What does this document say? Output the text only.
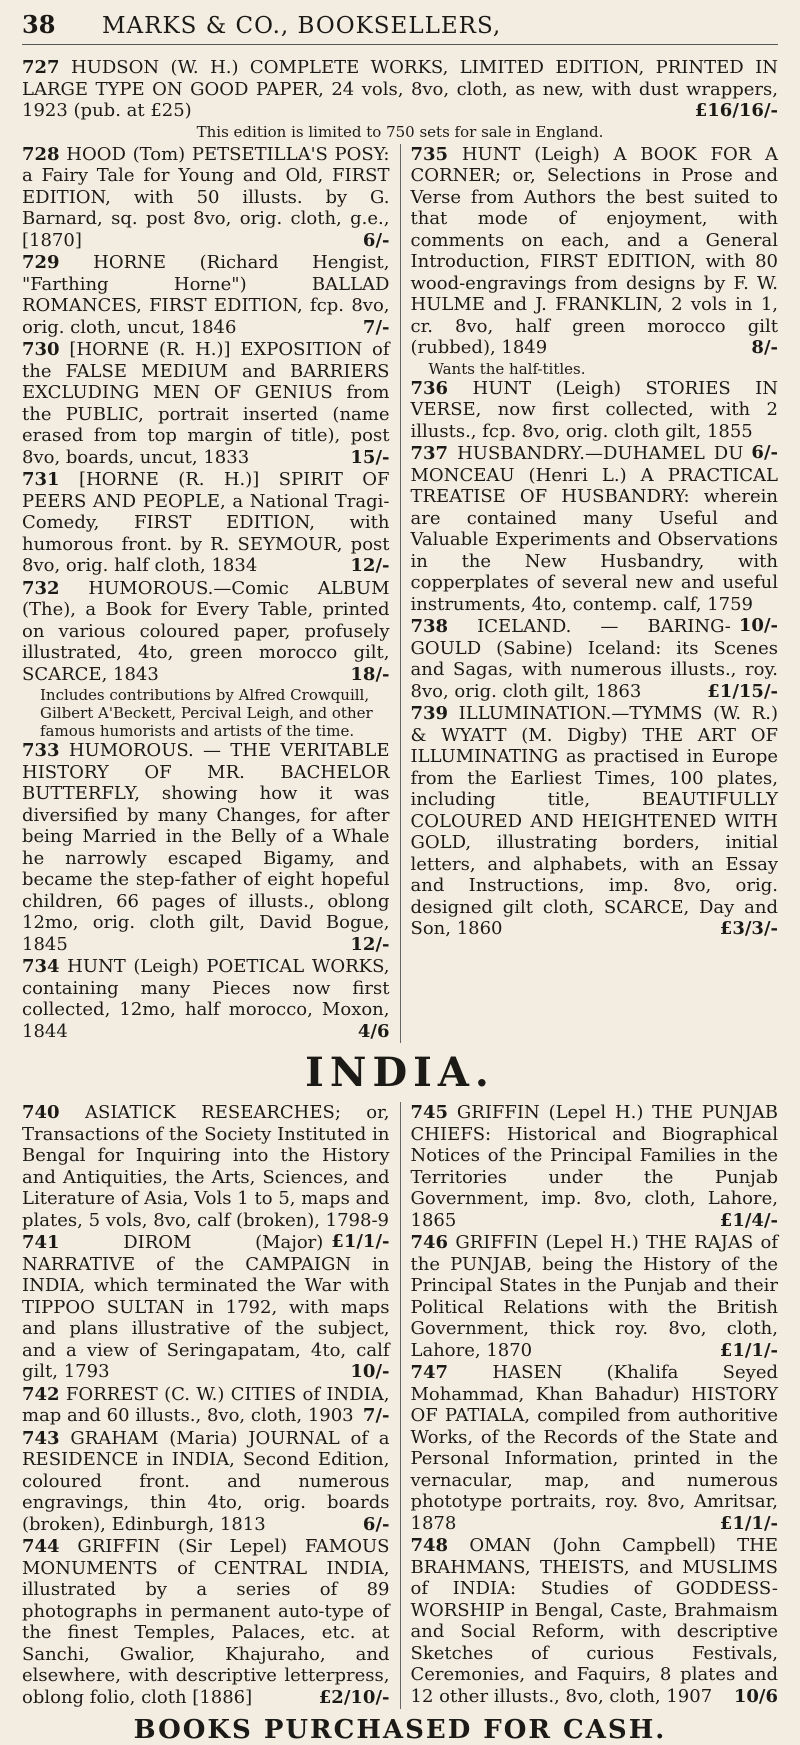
38	MARKS & CO., BOOKSELLERS,
727 HUDSON (W. H.) COMPLETE WORKS, LIMITED EDITION, PRINTED IN LARGE TYPE ON GOOD PAPER, 24 vols, 8vo, cloth, as new, with dust wrappers, 1923 (pub. at £25)	£16/16/-
This edition is limited to 750 sets for sale in England.
728 HOOD (Tom) PETSETILLA'S POSY: a Fairy Tale for Young and Old, FIRST EDITION, with 50 illusts. by G. Barnard, sq. post 8vo, orig. cloth, g.e., [1870]	6/-
729 HORNE (Richard Hengist, "Farthing Horne") BALLAD ROMANCES, FIRST EDITION, fcp. 8vo, orig. cloth, uncut, 1846	7/-
730 [HORNE (R. H.)] EXPOSITION of the FALSE MEDIUM and BARRIERS EXCLUDING MEN OF GENIUS from the PUBLIC, portrait inserted (name erased from top margin of title), post 8vo, boards, uncut, 1833	15/-
731 [HORNE (R. H.)] SPIRIT OF PEERS AND PEOPLE, a National Tragi-Comedy, FIRST EDITION, with humorous front. by R. SEYMOUR, post 8vo, orig. half cloth, 1834	12/-
732 HUMOROUS.—Comic ALBUM (The), a Book for Every Table, printed on various coloured paper, profusely illustrated, 4to, green morocco gilt, SCARCE, 1843	18/-
Includes contributions by Alfred Crowquill, Gilbert A'Beckett, Percival Leigh, and other famous humorists and artists of the time.
733 HUMOROUS. — THE VERITABLE HISTORY OF MR. BACHELOR BUTTERFLY, showing how it was diversified by many Changes, for after being Married in the Belly of a Whale he narrowly escaped Bigamy, and became the step-father of eight hopeful children, 66 pages of illusts., oblong 12mo, orig. cloth gilt, David Bogue, 1845	12/-
734 HUNT (Leigh) POETICAL WORKS, containing many Pieces now first collected, 12mo, half morocco, Moxon, 1844	4/6
735 HUNT (Leigh) A BOOK FOR A CORNER; or, Selections in Prose and Verse from Authors the best suited to that mode of enjoyment, with comments on each, and a General Introduction, FIRST EDITION, with 80 wood-engravings from designs by F. W. HULME and J. FRANKLIN, 2 vols in 1, cr. 8vo, half green morocco gilt (rubbed), 1849	8/-
Wants the half-titles.
736 HUNT (Leigh) STORIES IN VERSE, now first collected, with 2 illusts., fcp. 8vo, orig. cloth gilt, 1855
6/-
737 HUSBANDRY.—DUHAMEL DU MONCEAU (Henri L.) A PRACTICAL TREATISE OF HUSBANDRY: wherein are contained many Useful and Valuable Experiments and Observations in the New Husbandry, with copperplates of several new and useful instruments, 4to, contemp. calf, 1759
10/-
738 ICELAND. — BARING-GOULD (Sabine) Iceland: its Scenes and Sagas, with numerous illusts., roy. 8vo, orig. cloth gilt, 1863	£1/15/-
739 ILLUMINATION.—TYMMS (W. R.) & WYATT (M. Digby) THE ART OF ILLUMINATING as practised in Europe from the Earliest Times, 100 plates, including title, BEAUTIFULLY COLOURED AND HEIGHTENED WITH GOLD, illustrating borders, initial letters, and alphabets, with an Essay and Instructions, imp. 8vo, orig. designed gilt cloth, SCARCE, Day and Son, 1860	£3/3/-
INDIA.
740 ASIATICK RESEARCHES; or, Transactions of the Society Instituted in Bengal for Inquiring into the History and Antiquities, the Arts, Sciences, and Literature of Asia, Vols 1 to 5, maps and plates, 5 vols, 8vo, calf (broken), 1798-9
£1/1/-
741	DIROM (Major) NARRATIVE of the CAMPAIGN in INDIA, which terminated the War with TIPPOO SULTAN in 1792, with maps and plans illustrative of the subject, and a view of Seringapatam, 4to, calf gilt, 1793	10/-
742 FORREST (C. W.) CITIES of INDIA, map and 60 illusts., 8vo, cloth, 1903 7/-
743 GRAHAM (Maria) JOURNAL of a RESIDENCE in INDIA, Second Edition, coloured front. and numerous engravings, thin 4to, orig. boards (broken), Edinburgh, 1813	6/-
744 GRIFFIN (Sir Lepel) FAMOUS MONUMENTS of CENTRAL INDIA, illustrated by a series of 89 photographs in permanent auto-type of the finest Temples, Palaces, etc. at Sanchi, Gwalior, Khajuraho, and elsewhere, with descriptive letterpress, oblong folio, cloth [1886]	£2/10/-
745 GRIFFIN (Lepel H.) THE PUNJAB CHIEFS: Historical and Biographical Notices of the Principal Families in the Territories under the Punjab Government, imp. 8vo, cloth, Lahore, 1865	£1/4/-
746 GRIFFIN (Lepel H.) THE RAJAS of the PUNJAB, being the History of the Principal States in the Punjab and their Political Relations with the British Government, thick roy. 8vo, cloth, Lahore, 1870	£1/1/-
747 HASEN (Khalifa Seyed Mohammad, Khan Bahadur) HISTORY OF PATIALA, compiled from authoritive Works, of the Records of the State and Personal Information, printed in the vernacular, map, and numerous phototype portraits, roy. 8vo, Amritsar, 1878	£1/1/-
748 OMAN (John Campbell) THE BRAHMANS, THEISTS, and MUSLIMS of INDIA: Studies of GODDESS-WORSHIP in Bengal, Caste, Brahmaism and Social Reform, with descriptive Sketches of curious Festivals, Ceremonies, and Faquirs, 8 plates and 12 other illusts., 8vo, cloth, 1907 10/6
BOOKS PURCHASED FOR CASH.
